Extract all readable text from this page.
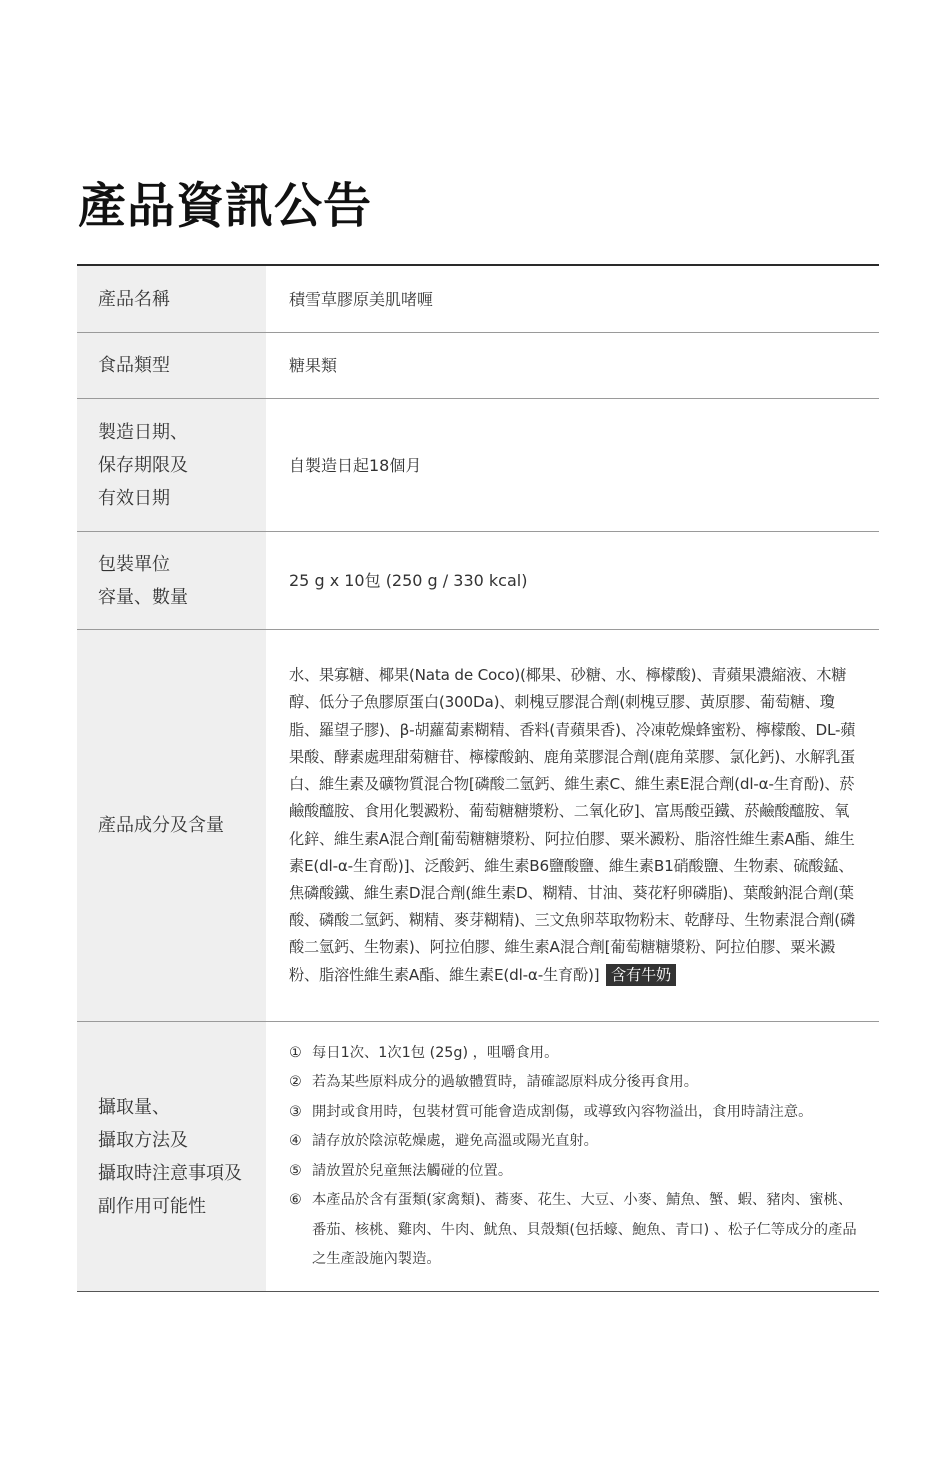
產品資訊公告
產品名稱	積雪草膠原美肌啫喱
食品類型	糖果類
製造日期、
保存期限及
有效日期
自製造日起18個月
包裝單位
容量、數量
25 g x 10包 (250 g / 330 kcal)
產品成分及含量
水、果寡糖、椰果(Nata de Coco)(椰果、砂糖、水、檸檬酸)、青蘋果濃縮液、木糖醇、低分子魚膠原蛋白(300Da)、刺槐豆膠混合劑(刺槐豆膠、黃原膠、葡萄糖、瓊脂、羅望子膠)、β-胡蘿蔔素糊精、香料(青蘋果香)、冷凍乾燥蜂蜜粉、檸檬酸、DL-蘋果酸、酵素處理甜菊糖苷、檸檬酸鈉、鹿角菜膠混合劑(鹿角菜膠、氯化鈣)、水解乳蛋白、維生素及礦物質混合物[磷酸二氫鈣、維生素C、維生素E混合劑(dl-α-生育酚)、菸鹼酸醯胺、食用化製澱粉、葡萄糖糖漿粉、二氧化矽]、富馬酸亞鐵、菸鹼酸醯胺、氧化鋅、維生素A混合劑[葡萄糖糖漿粉、阿拉伯膠、粟米澱粉、脂溶性維生素A酯、維生素E(dl-α-生育酚)]、泛酸鈣、維生素B6鹽酸鹽、維生素B1硝酸鹽、生物素、硫酸錳、焦磷酸鐵、維生素D混合劑(維生素D、糊精、甘油、葵花籽卵磷脂)、葉酸鈉混合劑(葉酸、磷酸二氫鈣、糊精、麥芽糊精)、三文魚卵萃取物粉末、乾酵母、生物素混合劑(磷酸二氫鈣、生物素)、阿拉伯膠、維生素A混合劑[葡萄糖糖漿粉、阿拉伯膠、粟米澱粉、脂溶性維生素A酯、維生素E(dl-α-生育酚)] 含有牛奶
攝取量、
攝取方法及
攝取時注意事項及
副作用可能性
① 每日1次、1次1包 (25g) ，咀嚼食用。
② 若為某些原料成分的過敏體質時，請確認原料成分後再食用。
③ 開封或食用時，包裝材質可能會造成割傷，或導致內容物溢出，食用時請注意。
④ 請存放於陰涼乾燥處，避免高溫或陽光直射。
⑤ 請放置於兒童無法觸碰的位置。
⑥ 本產品於含有蛋類(家禽類)、蕎麥、花生、大豆、小麥、鯖魚、蟹、蝦、豬肉、蜜桃、番茄、核桃、雞肉、牛肉、魷魚、貝殼類(包括蠔、鮑魚、青口) 、松子仁等成分的產品之生產設施內製造。
